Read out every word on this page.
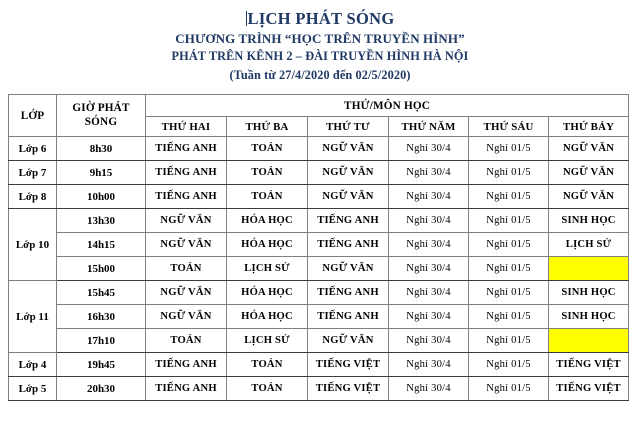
LỊCH PHÁT SÓNG
CHƯƠNG TRÌNH “HỌC TRÊN TRUYỀN HÌNH”
PHÁT TRÊN KÊNH 2 – ĐÀI TRUYỀN HÌNH HÀ NỘI
(Tuần từ 27/4/2020 đến 02/5/2020)
LỚP	GIỜ PHÁT SÓNG	THỨ/MÔN HỌC					
		THỨ HAI	THỨ BA	THỨ TƯ	THỨ NĂM	THỨ SÁU	THỨ BẢY
Lớp 6	8h30	TIẾNG ANH	TOÁN	NGỮ VĂN	Nghỉ 30/4	Nghỉ 01/5	NGỮ VĂN
Lớp 7	9h15	TIẾNG ANH	TOÁN	NGỮ VĂN	Nghỉ 30/4	Nghỉ 01/5	NGỮ VĂN
Lớp 8	10h00	TIẾNG ANH	TOÁN	NGỮ VĂN	Nghỉ 30/4	Nghỉ 01/5	NGỮ VĂN
Lớp 10	13h30	NGỮ VĂN	HÓA HỌC	TIẾNG ANH	Nghỉ 30/4	Nghỉ 01/5	SINH HỌC
	14h15	NGỮ VĂN	HÓA HỌC	TIẾNG ANH	Nghỉ 30/4	Nghỉ 01/5	LỊCH SỬ
	15h00	TOÁN	LỊCH SỬ	NGỮ VĂN	Nghỉ 30/4	Nghỉ 01/5	
Lớp 11	15h45	NGỮ VĂN	HÓA HỌC	TIẾNG ANH	Nghỉ 30/4	Nghỉ 01/5	SINH HỌC
	16h30	NGỮ VĂN	HÓA HỌC	TIẾNG ANH	Nghỉ 30/4	Nghỉ 01/5	SINH HỌC
	17h10	TOÁN	LỊCH SỬ	NGỮ VĂN	Nghỉ 30/4	Nghỉ 01/5	
Lớp 4	19h45	TIẾNG ANH	TOÁN	TIẾNG VIỆT	Nghỉ 30/4	Nghỉ 01/5	TIẾNG VIỆT
Lớp 5	20h30	TIẾNG ANH	TOÁN	TIẾNG VIỆT	Nghỉ 30/4	Nghỉ 01/5	TIẾNG VIỆT
